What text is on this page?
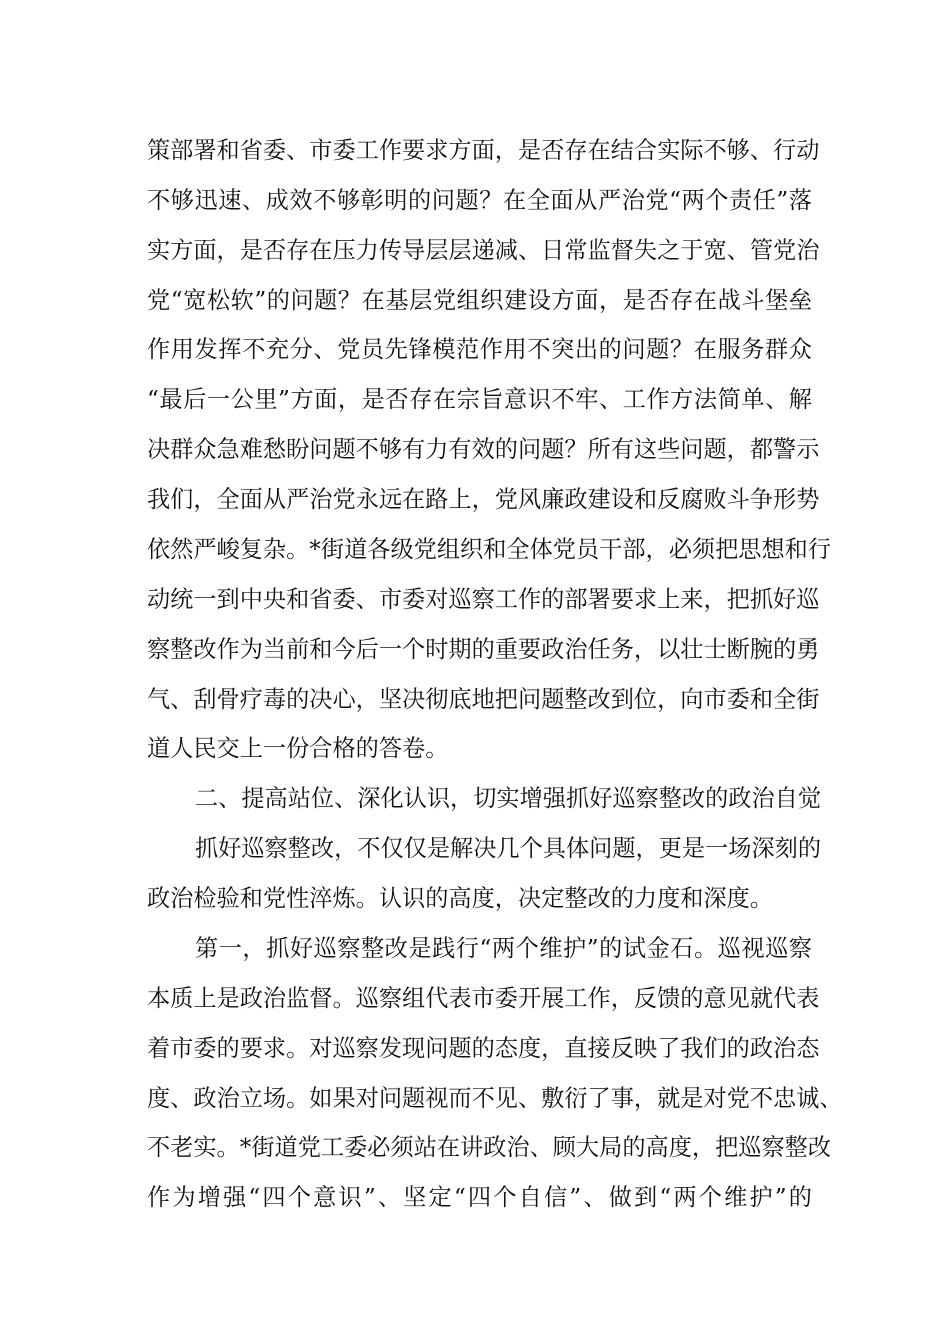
策部署和省委、市委工作要求方面，是否存在结合实际不够、行动
不够迅速、成效不够彰明的问题？在全面从严治党“两个责任”落
实方面，是否存在压力传导层层递减、日常监督失之于宽、管党治
党“宽松软”的问题？在基层党组织建设方面，是否存在战斗堡垒
作用发挥不充分、党员先锋模范作用不突出的问题？在服务群众
“最后一公里”方面，是否存在宗旨意识不牢、工作方法简单、解
决群众急难愁盼问题不够有力有效的问题？所有这些问题，都警示
我们，全面从严治党永远在路上，党风廉政建设和反腐败斗争形势
依然严峻复杂。*街道各级党组织和全体党员干部，必须把思想和行
动统一到中央和省委、市委对巡察工作的部署要求上来，把抓好巡
察整改作为当前和今后一个时期的重要政治任务，以壮士断腕的勇
气、刮骨疗毒的决心，坚决彻底地把问题整改到位，向市委和全街
道人民交上一份合格的答卷。
二、提高站位、深化认识，切实增强抓好巡察整改的政治自觉
抓好巡察整改，不仅仅是解决几个具体问题，更是一场深刻的
政治检验和党性淬炼。认识的高度，决定整改的力度和深度。
第一，抓好巡察整改是践行“两个维护”的试金石。巡视巡察
本质上是政治监督。巡察组代表市委开展工作，反馈的意见就代表
着市委的要求。对巡察发现问题的态度，直接反映了我们的政治态
度、政治立场。如果对问题视而不见、敷衍了事，就是对党不忠诚、
不老实。*街道党工委必须站在讲政治、顾大局的高度，把巡察整改
作为增强“四个意识”、坚定“四个自信”、做到“两个维护”的
